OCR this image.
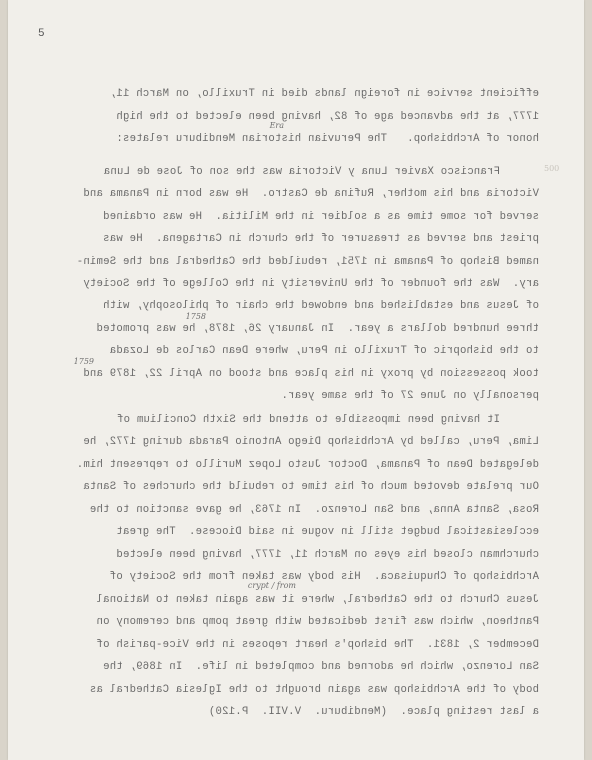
5
500
efficient service in foreign lands died in Truxillo, on March 11,
1777, at the advanced age of 82, having been elected to the high
honor of Archbishop.   The Peruvian historian Mendiburu relates:
Francisco Xavier Luna y Victoria was the son of Jose de Luna
Victoria and his mother, Rufina de Castro.  He was born in Panama and
served for some time as a soldier in the Militia.  He was ordained
priest and served as treasurer of the church in Cartagena.  He was
named Bishop of Panama in 1751, rebuilded the Cathedral and the Semin-
ary.  Was the founder of the University in the College of the Society
of Jesus and established and endowed the chair of philosophy, with
three hundred dollars a year.  In January 26, 1878, he was promoted
to the bishopric of Truxillo in Peru, where Dean Carlos de Lozada
took possession by proxy in his place and stood on April 22, 1879 and
personally on June 27 of the same year.
It having been impossible to attend the Sixth Concilium of
Lima, Peru, called by Archbishop Diego Antonio Parada during 1772, he
delegated Dean of Panama, Doctor Justo Lopez Murillo to represent him.
Our prelate devoted much of his time to rebuild the churches of Santa
Rosa, Santa Anna, and San Lorenzo.  In 1763, he gave sanction to the
ecclesiastical budget still in vogue in said Diocese.  The great
churchman closed his eyes on March 11, 1777, having been elected
Archbishop of Chuquisaca.  His body was taken from the Society of
Jesus Church to the Cathedral, where it was again taken to National
Pantheon, which was first dedicated with great pomp and ceremony on
December 2, 1831.  The bishop's heart reposes in the Vice-parish of
San Lorenzo, which he adorned and completed in life.  In 1869, the
body of the Archbishop was again brought to the Iglesia Cathedral as
a last resting place.  (Mendiburu.  V.VII.  P.120)
Era
1758
1759
crypt / from
